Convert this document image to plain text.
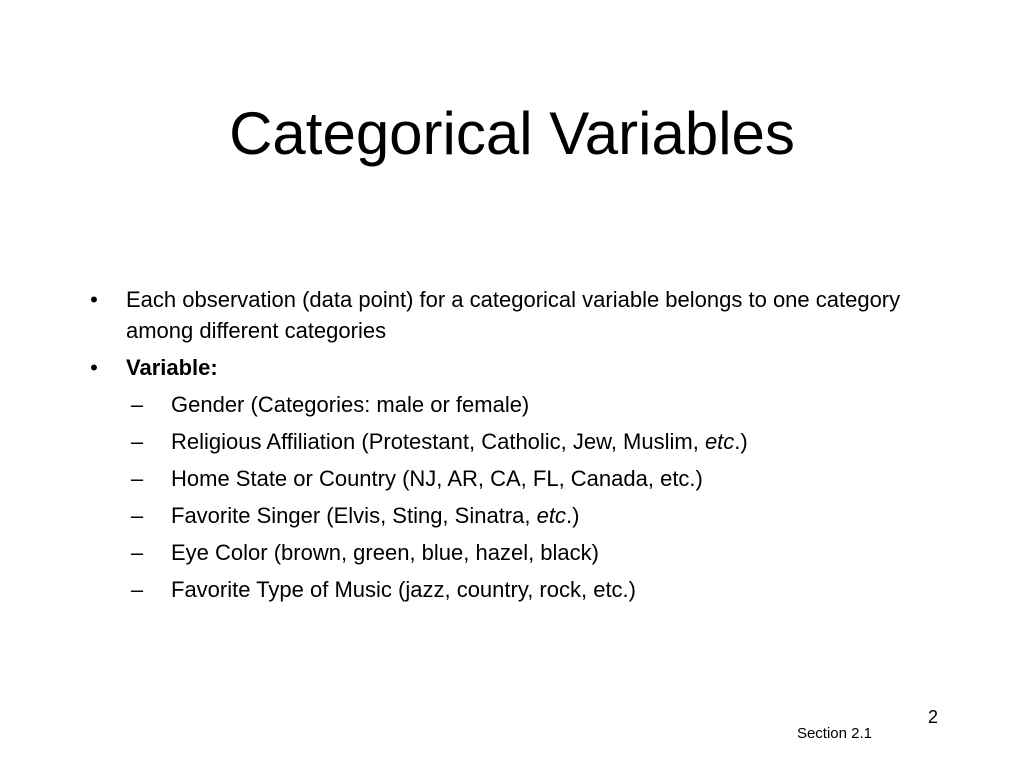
Categorical Variables
• Each observation (data point) for a categorical variable belongs to one category among different categories
• Variable:
– Gender (Categories: male or female)
– Religious Affiliation (Protestant, Catholic, Jew, Muslim, etc.)
– Home State or Country (NJ, AR, CA, FL, Canada, etc.)
– Favorite Singer (Elvis, Sting, Sinatra, etc.)
– Eye Color (brown, green, blue, hazel, black)
– Favorite Type of Music (jazz, country, rock, etc.)
2
Section 2.1
